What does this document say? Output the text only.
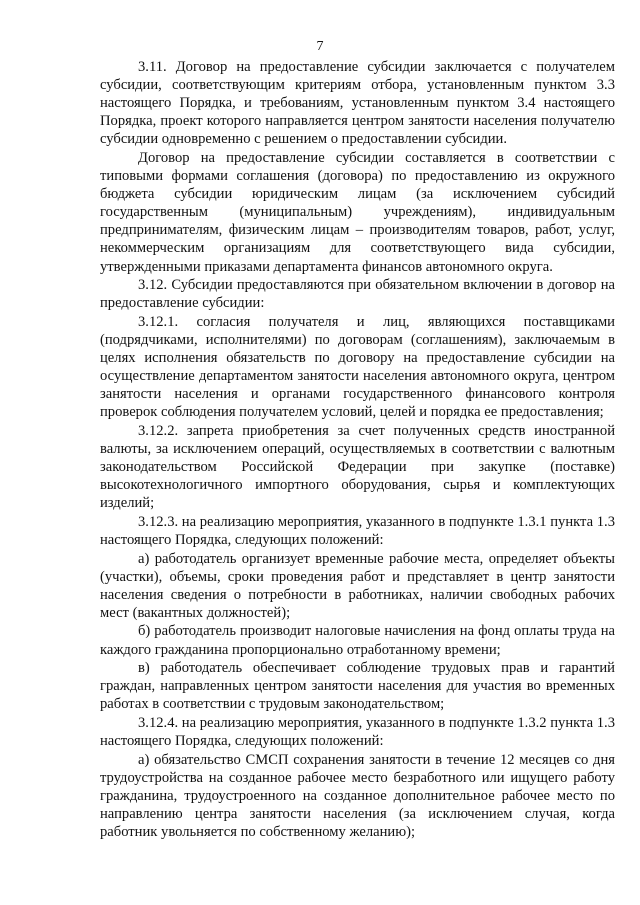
7

3.11. Договор на предоставление субсидии заключается с получателем субсидии, соответствующим критериям отбора, установленным пунктом 3.3 настоящего Порядка, и требованиям, установленным пунктом 3.4 настоящего Порядка, проект которого направляется центром занятости населения получателю субсидии одновременно с решением о предоставлении субсидии.

Договор на предоставление субсидии составляется в соответствии с типовыми формами соглашения (договора) по предоставлению из окружного бюджета субсидии юридическим лицам (за исключением субсидий государственным (муниципальным) учреждениям), индивидуальным предпринимателям, физическим лицам – производителям товаров, работ, услуг, некоммерческим организациям для соответствующего вида субсидии, утвержденными приказами департамента финансов автономного округа.

3.12. Субсидии предоставляются при обязательном включении в договор на предоставление субсидии:

3.12.1. согласия получателя и лиц, являющихся поставщиками (подрядчиками, исполнителями) по договорам (соглашениям), заключаемым в целях исполнения обязательств по договору на предоставление субсидии на осуществление департаментом занятости населения автономного округа, центром занятости населения и органами государственного финансового контроля проверок соблюдения получателем условий, целей и порядка ее предоставления;

3.12.2. запрета приобретения за счет полученных средств иностранной валюты, за исключением операций, осуществляемых в соответствии с валютным законодательством Российской Федерации при закупке (поставке) высокотехнологичного импортного оборудования, сырья и комплектующих изделий;

3.12.3. на реализацию мероприятия, указанного в подпункте 1.3.1 пункта 1.3 настоящего Порядка, следующих положений:

а) работодатель организует временные рабочие места, определяет объекты (участки), объемы, сроки проведения работ и представляет в центр занятости населения сведения о потребности в работниках, наличии свободных рабочих мест (вакантных должностей);

б) работодатель производит налоговые начисления на фонд оплаты труда на каждого гражданина пропорционально отработанному времени;

в) работодатель обеспечивает соблюдение трудовых прав и гарантий граждан, направленных центром занятости населения для участия во временных работах в соответствии с трудовым законодательством;

3.12.4. на реализацию мероприятия, указанного в подпункте 1.3.2 пункта 1.3 настоящего Порядка, следующих положений:

а) обязательство СМСП сохранения занятости в течение 12 месяцев со дня трудоустройства на созданное рабочее место безработного или ищущего работу гражданина, трудоустроенного на созданное дополнительное рабочее место по направлению центра занятости населения (за исключением случая, когда работник увольняется по собственному желанию);
